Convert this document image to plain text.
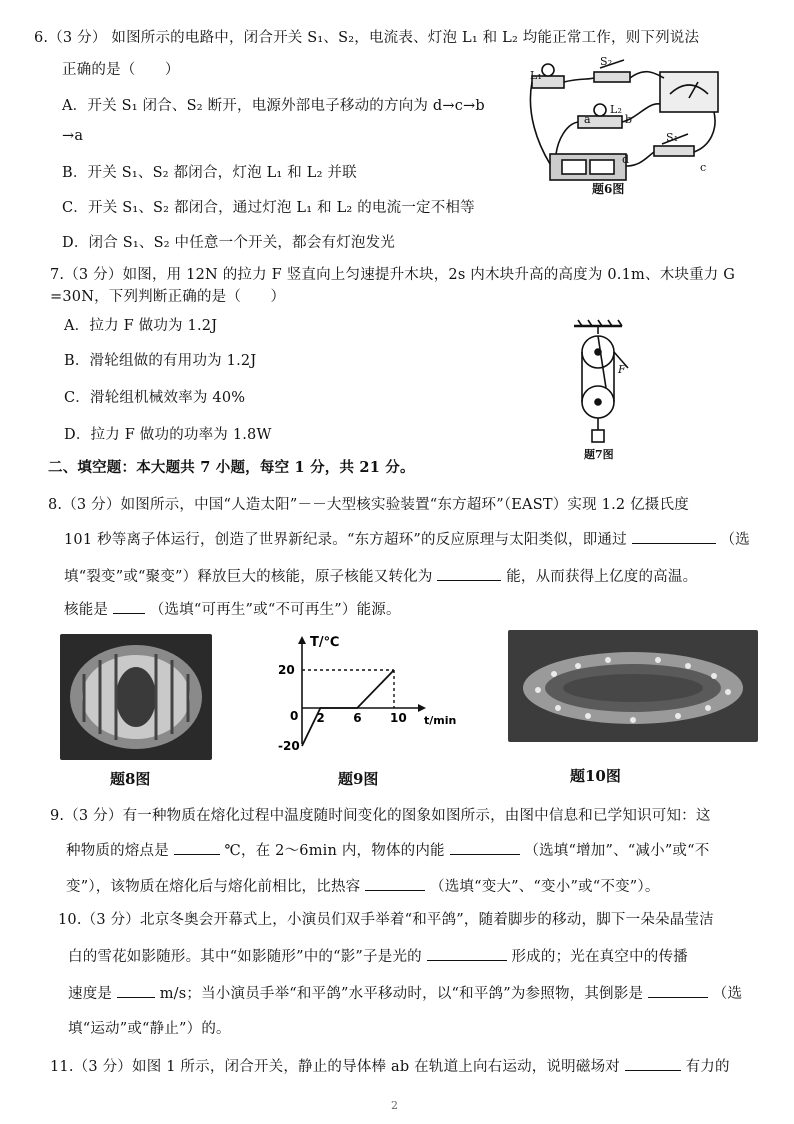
6.（3 分） 如图所示的电路中，闭合开关 S₁、S₂，电流表、灯泡 L₁ 和 L₂ 均能正常工作，则下列说法
正确的是（　　）
A．开关 S₁ 闭合、S₂ 断开，电源外部电子移动的方向为 d→c→b
→a
B．开关 S₁、S₂ 都闭合，灯泡 L₁ 和 L₂ 并联
C．开关 S₁、S₂ 都闭合，通过灯泡 L₁ 和 L₂ 的电流一定不相等
D．闭合 S₁、S₂ 中任意一个开关，都会有灯泡发光
L₁
S₂
a	b
L₂
S₁
d
c
题6图
7.（3 分）如图，用 12N 的拉力 F 竖直向上匀速提升木块，2s 内木块升高的高度为 0.1m、木块重力 G
=30N，下列判断正确的是（　　）
A．拉力 F 做功为 1.2J
B．滑轮组做的有用功为 1.2J
C．滑轮组机械效率为 40%
D．拉力 F 做功的功率为 1.8W
F
题7图
二、填空题：本大题共 7 小题，每空 1 分，共 21 分。
8.（3 分）如图所示，中国“人造太阳”－－大型核实验装置“东方超环”（EAST）实现 1.2 亿摄氏度
101 秒等离子体运行，创造了世界新纪录。“东方超环”的反应原理与太阳类似，即通过	（选
填“裂变”或“聚变”）释放巨大的核能，原子核能又转化为	能，从而获得上亿度的高温。
核能是	（选填“可再生”或“不可再生”）能源。
题8图
T/℃
t/min
0
20
-20
2 6 10
题9图	题10图
9.（3 分）有一种物质在熔化过程中温度随时间变化的图象如图所示，由图中信息和已学知识可知：这
种物质的熔点是	℃，在 2～6min 内，物体的内能	（选填“增加”、“减小”或“不
变”），该物质在熔化后与熔化前相比，比热容	（选填“变大”、“变小”或“不变”）。
10.（3 分）北京冬奥会开幕式上，小演员们双手举着“和平鸽”，随着脚步的移动，脚下一朵朵晶莹洁
白的雪花如影随形。其中“如影随形”中的“影”子是光的	形成的；光在真空中的传播
速度是	m/s；当小演员手举“和平鸽”水平移动时，以“和平鸽”为参照物，其倒影是	（选
填“运动”或“静止”）的。
11.（3 分）如图 1 所示，闭合开关，静止的导体棒 ab 在轨道上向右运动，说明磁场对	有力的
2
